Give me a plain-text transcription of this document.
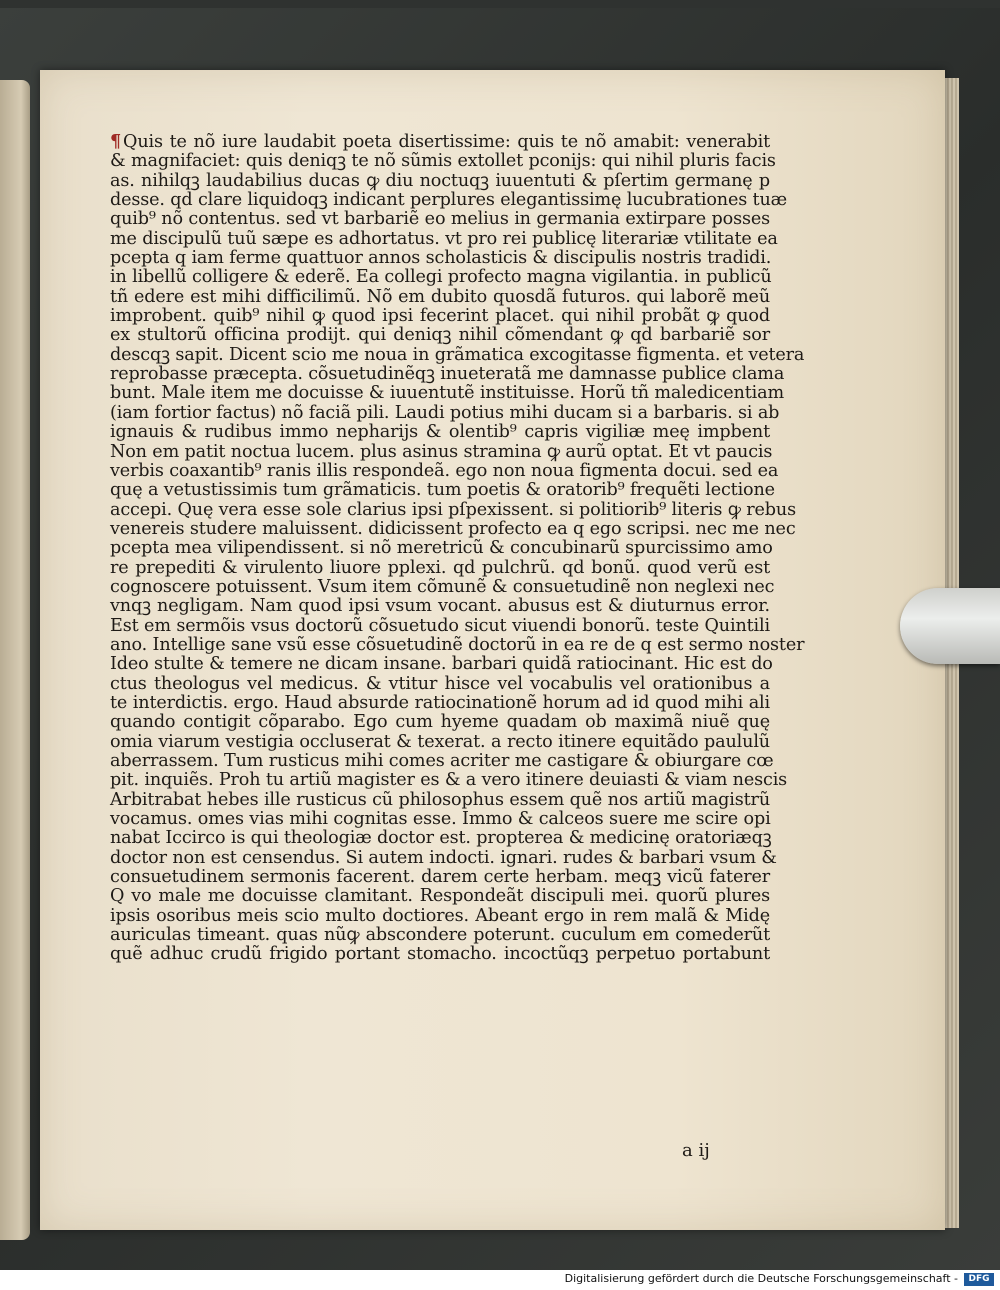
¶ Quis te nõ iure laudabit poeta disertissime: quis te nõ amabit: venerabit
& magnifaciet: quis deniqꝫ te nõ sũmis extollet pconijs: qui nihil pluris facis
as. nihilqꝫ laudabilius ducas ꝙ diu noctuqꝫ iuuentuti & pſertim germanę p
desse. qd clare liquidoqꝫ indicant perplures elegantissimę lucubrationes tuæ
quib⁹ nõ contentus. sed vt barbariẽ eo melius in germania extirpare posses
me discipulũ tuũ sæpe es adhortatus. vt pro rei publicę literariæ vtilitate ea
pcepta q iam ferme quattuor annos scholasticis & discipulis nostris tradidi.
in libellũ colligere & ederẽ. Ea collegi profecto magna vigilantia. in publicũ
tñ edere est mihi difficilimũ. Nõ em dubito quosdã futuros. qui laborẽ meũ
improbent. quib⁹ nihil ꝙ quod ipsi fecerint placet. qui nihil probãt ꝙ quod
ex stultorũ officina prodijt. qui deniqꝫ nihil cõmendant ꝙ qd barbariẽ sor
descqꝫ sapit. Dicent scio me noua in grãmatica excogitasse figmenta. et vetera
reprobasse præcepta. cõsuetudinẽqꝫ inueteratã me damnasse publice clama
bunt. Male item me docuisse & iuuentutẽ instituisse. Horũ tñ maledicentiam
(iam fortior factus) nõ faciã pili. Laudi potius mihi ducam si a barbaris. si ab
ignauis & rudibus immo nepharijs & olentib⁹ capris vigiliæ meę impbent
Non em patit noctua lucem. plus asinus stramina ꝙ aurũ optat. Et vt paucis
verbis coaxantib⁹ ranis illis respondeã. ego non noua figmenta docui. sed ea
quę a vetustissimis tum grãmaticis. tum poetis & oratorib⁹ frequẽti lectione
accepi. Quę vera esse sole clarius ipsi pſpexissent. si politiorib⁹ literis ꝙ rebus
venereis studere maluissent. didicissent profecto ea q ego scripsi. nec me nec
pcepta mea vilipendissent. si nõ meretricũ & concubinarũ spurcissimo amo
re prepediti & virulento liuore pplexi. qd pulchrũ. qd bonũ. quod verũ est
cognoscere potuissent. Vsum item cõmunẽ & consuetudinẽ non neglexi nec
vnqꝫ negligam. Nam quod ipsi vsum vocant. abusus est & diuturnus error.
Est em sermõis vsus doctorũ cõsuetudo sicut viuendi bonorũ. teste Quintili
ano. Intellige sane vsũ esse cõsuetudinẽ doctorũ in ea re de q est sermo noster
Ideo stulte & temere ne dicam insane. barbari quidã ratiocinant. Hic est do
ctus theologus vel medicus. & vtitur hisce vel vocabulis vel orationibus a
te interdictis. ergo. Haud absurde ratiocinationẽ horum ad id quod mihi ali
quando contigit cõparabo. Ego cum hyeme quadam ob maximã niuẽ quę
omia viarum vestigia occluserat & texerat. a recto itinere equitãdo paululũ
aberrassem. Tum rusticus mihi comes acriter me castigare & obiurgare cœ
pit. inquiẽs. Proh tu artiũ magister es & a vero itinere deuiasti & viam nescis
Arbitrabat hebes ille rusticus cũ philosophus essem quẽ nos artiũ magistrũ
vocamus. omes vias mihi cognitas esse. Immo & calceos suere me scire opi
nabat Iccirco is qui theologiæ doctor est. propterea & medicinę oratoriæqꝫ
doctor non est censendus. Si autem indocti. ignari. rudes & barbari vsum &
consuetudinem sermonis facerent. darem certe herbam. meqꝫ vicũ faterer
Q vo male me docuisse clamitant. Respondeãt discipuli mei. quorũ plures
ipsis osoribus meis scio multo doctiores. Abeant ergo in rem malã & Midę
auriculas timeant. quas nũꝙ abscondere poterunt. cuculum em comederũt
quẽ adhuc crudũ frigido portant stomacho. incoctũqꝫ perpetuo portabunt
a ij
Digitalisierung gefördert durch die Deutsche Forschungsgemeinschaft -	DFG
